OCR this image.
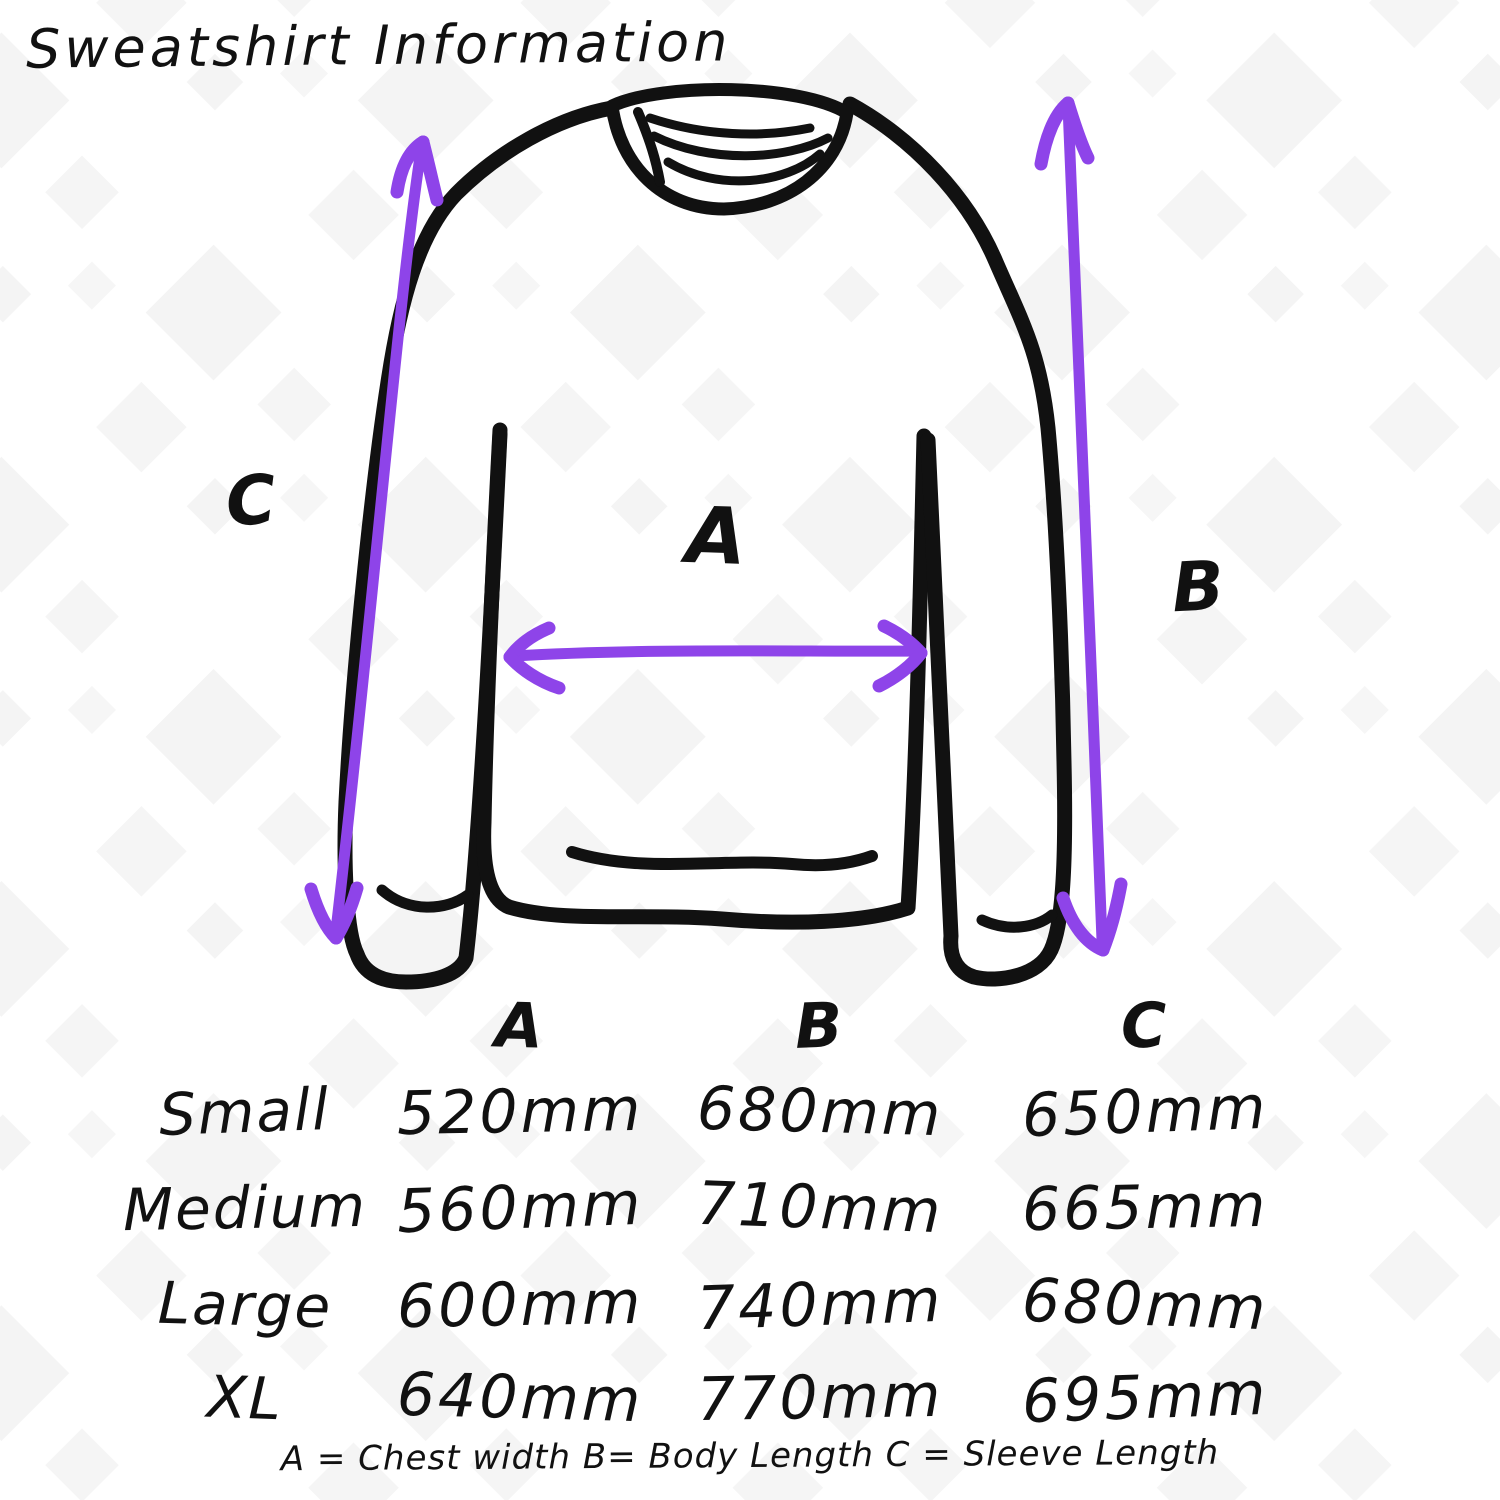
Sweatshirt Information
C	A
B
A	B	C
Small 520mm 680mm 650mm
Medium 560mm 710mm 665mm
Large 600mm 740mm 680mm
XL 640mm 770mm 695mm
A = Chest width B= Body Length C = Sleeve Length
